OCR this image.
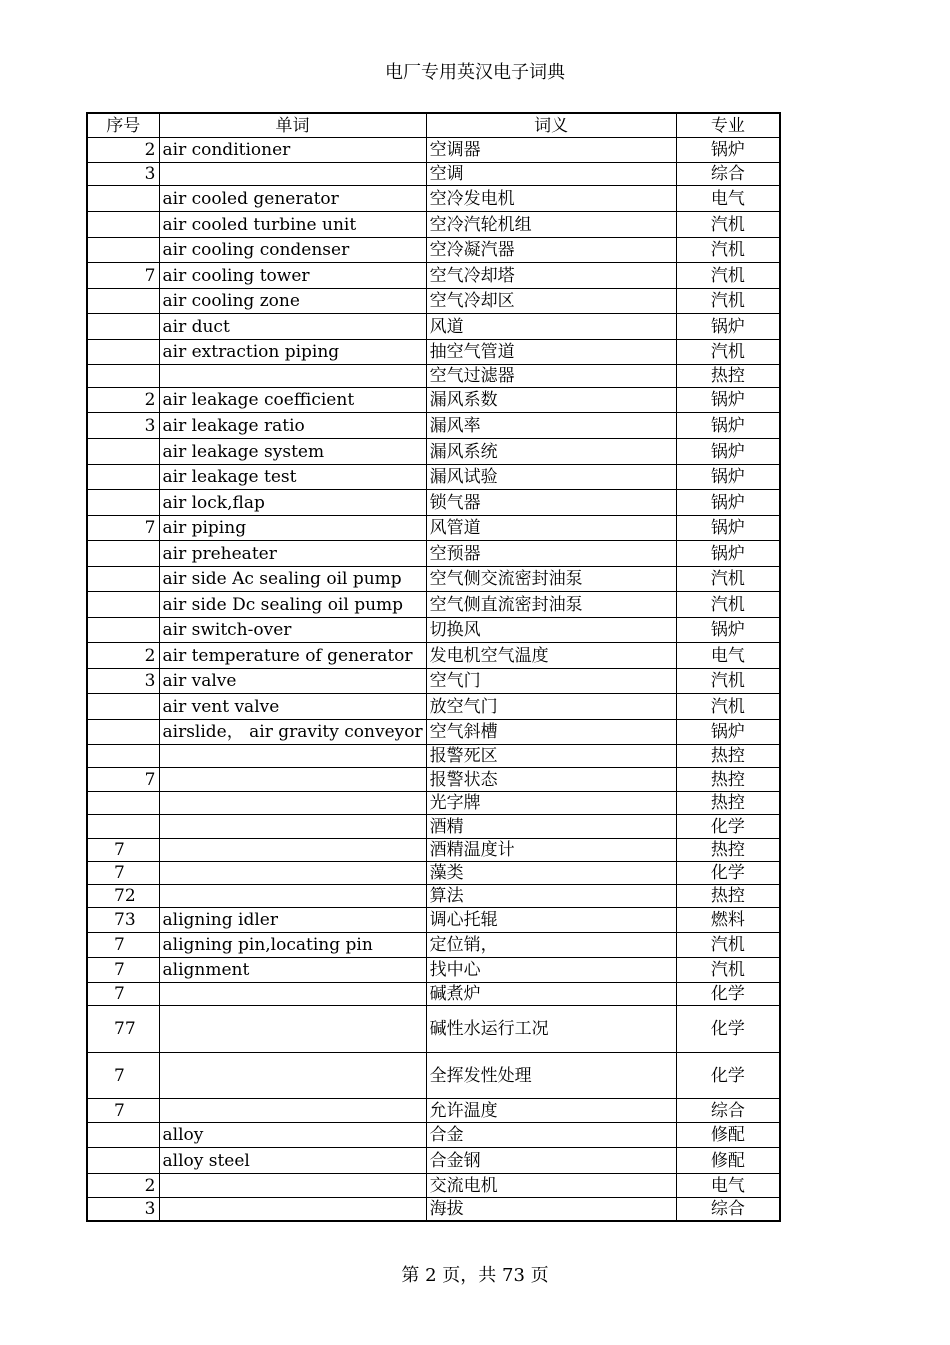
电厂专用英汉电子词典
序号	单词	词义	专业
2	air conditioner	空调器	锅炉
3		空调	综合
	air cooled generator	空冷发电机	电气
	air cooled turbine unit	空冷汽轮机组	汽机
	air cooling condenser	空冷凝汽器	汽机
7	air cooling tower	空气冷却塔	汽机
	air cooling zone	空气冷却区	汽机
	air duct	风道	锅炉
	air extraction piping	抽空气管道	汽机
		空气过滤器	热控
2	air leakage coefficient	漏风系数	锅炉
3	air leakage ratio	漏风率	锅炉
	air leakage system	漏风系统	锅炉
	air leakage test	漏风试验	锅炉
	air lock,flap	锁气器	锅炉
7	air piping	风管道	锅炉
	air preheater	空预器	锅炉
	air side Ac sealing oil pump	空气侧交流密封油泵	汽机
	air side Dc sealing oil pump	空气侧直流密封油泵	汽机
	air switch-over	切换风	锅炉
2	air temperature of generator	发电机空气温度	电气
3	air valve	空气门	汽机
	air vent valve	放空气门	汽机
	airslide， air gravity conveyor	空气斜槽	锅炉
		报警死区	热控
7		报警状态	热控
		光字牌	热控
		酒精	化学
7		酒精温度计	热控
7		藻类	化学
72		算法	热控
73	aligning idler	调心托辊	燃料
7	aligning pin,locating pin	定位销，	汽机
7	alignment	找中心	汽机
7		碱煮炉	化学
77		碱性水运行工况	化学
7		全挥发性处理	化学
7		允许温度	综合
	alloy	合金	修配
	alloy steel	合金钢	修配
2		交流电机	电气
3		海拔	综合
第 2 页，共 73 页
